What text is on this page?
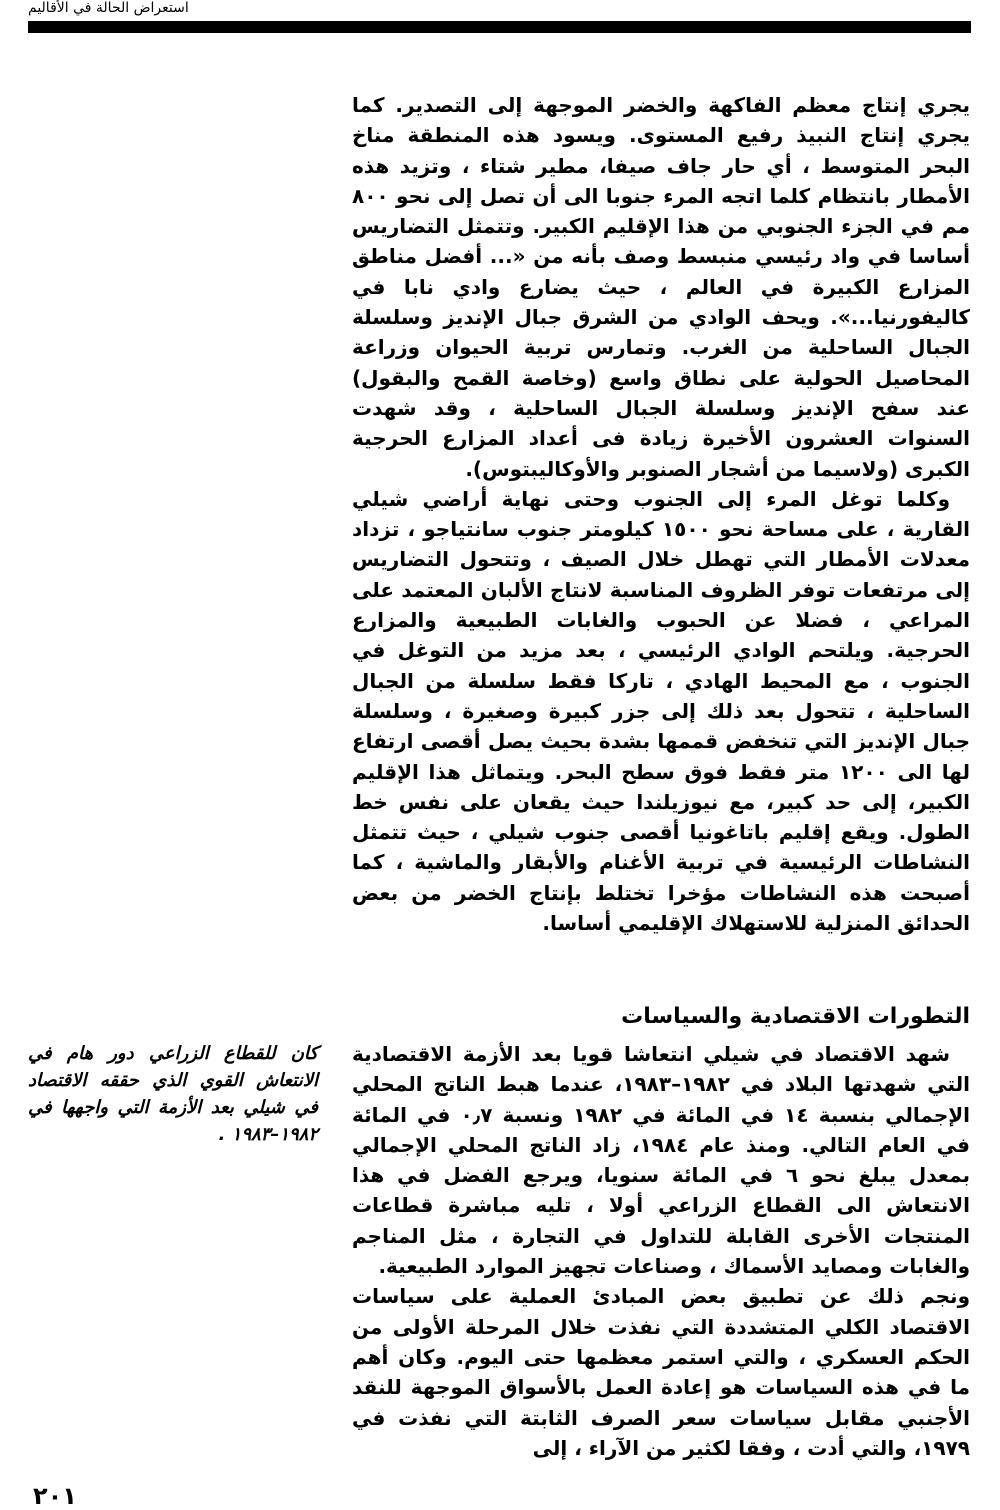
استعراض الحالة في الأقاليم

يجري إنتاج معظم الفاكهة والخضر الموجهة إلى التصدير. كما يجري إنتاج النبيذ رفيع المستوى. ويسود هذه المنطقة مناخ البحر المتوسط ، أي حار جاف صيفا، مطير شتاء ، وتزيد هذه الأمطار بانتظام كلما اتجه المرء جنوبا الى أن تصل إلى نحو ٨٠٠ مم في الجزء الجنوبي من هذا الإقليم الكبير. وتتمثل التضاريس أساسا في واد رئيسي منبسط وصف بأنه من «... أفضل مناطق المزارع الكبيرة في العالم ، حيث يضارع وادي نابا في كاليفورنيا...». ويحف الوادي من الشرق جبال الإنديز وسلسلة الجبال الساحلية من الغرب. وتمارس تربية الحيوان وزراعة المحاصيل الحولية على نطاق واسع (وخاصة القمح والبقول) عند سفح الإنديز وسلسلة الجبال الساحلية ، وقد شهدت السنوات العشرون الأخيرة زيادة فى أعداد المزارع الحرجية الكبرى (ولاسيما من أشجار الصنوبر والأوكاليبتوس).

وكلما توغل المرء إلى الجنوب وحتى نهاية أراضي شيلي القارية ، على مساحة نحو ١٥٠٠ كيلومتر جنوب سانتياجو ، تزداد معدلات الأمطار التي تهطل خلال الصيف ، وتتحول التضاريس إلى مرتفعات توفر الظروف المناسبة لانتاج الألبان المعتمد على المراعي ، فضلا عن الحبوب والغابات الطبيعية والمزارع الحرجية. ويلتحم الوادي الرئيسي ، بعد مزيد من التوغل في الجنوب ، مع المحيط الهادي ، تاركا فقط سلسلة من الجبال الساحلية ، تتحول بعد ذلك إلى جزر كبيرة وصغيرة ، وسلسلة جبال الإنديز التي تنخفض قممها بشدة بحيث يصل أقصى ارتفاع لها الى ١٢٠٠ متر فقط فوق سطح البحر. ويتماثل هذا الإقليم الكبير، إلى حد كبير، مع نيوزيلندا حيث يقعان على نفس خط الطول. ويقع إقليم باتاغونيا أقصى جنوب شيلي ، حيث تتمثل النشاطات الرئيسية في تربية الأغنام والأبقار والماشية ، كما أصبحت هذه النشاطات مؤخرا تختلط بإنتاج الخضر من بعض الحدائق المنزلية للاستهلاك الإقليمي أساسا.

التطورات الاقتصادية والسياسات

شهد الاقتصاد في شيلي انتعاشا قويا بعد الأزمة الاقتصادية التي شهدتها البلاد في ١٩٨٢–١٩٨٣، عندما هبط الناتج المحلي الإجمالي بنسبة ١٤ في المائة في ١٩٨٢ ونسبة ٠٫٧ في المائة في العام التالي. ومنذ عام ١٩٨٤، زاد الناتج المحلي الإجمالي بمعدل يبلغ نحو ٦ في المائة سنويا، ويرجع الفضل في هذا الانتعاش الى القطاع الزراعي أولا ، تليه مباشرة قطاعات المنتجات الأخرى القابلة للتداول في التجارة ، مثل المناجم والغابات ومصايد الأسماك ، وصناعات تجهيز الموارد الطبيعية.

ونجم ذلك عن تطبيق بعض المبادئ العملية على سياسات الاقتصاد الكلي المتشددة التي نفذت خلال المرحلة الأولى من الحكم العسكري ، والتي استمر معظمها حتى اليوم. وكان أهم ما في هذه السياسات هو إعادة العمل بالأسواق الموجهة للنقد الأجنبي مقابل سياسات سعر الصرف الثابتة التي نفذت في ١٩٧٩، والتي أدت ، وفقا لكثير من الآراء ، إلى

كان للقطاع الزراعي دور هام في الانتعاش القوي الذي حققه الاقتصاد في شيلي بعد الأزمة التي واجهها في ١٩٨٢–١٩٨٣ .
٢٠١
